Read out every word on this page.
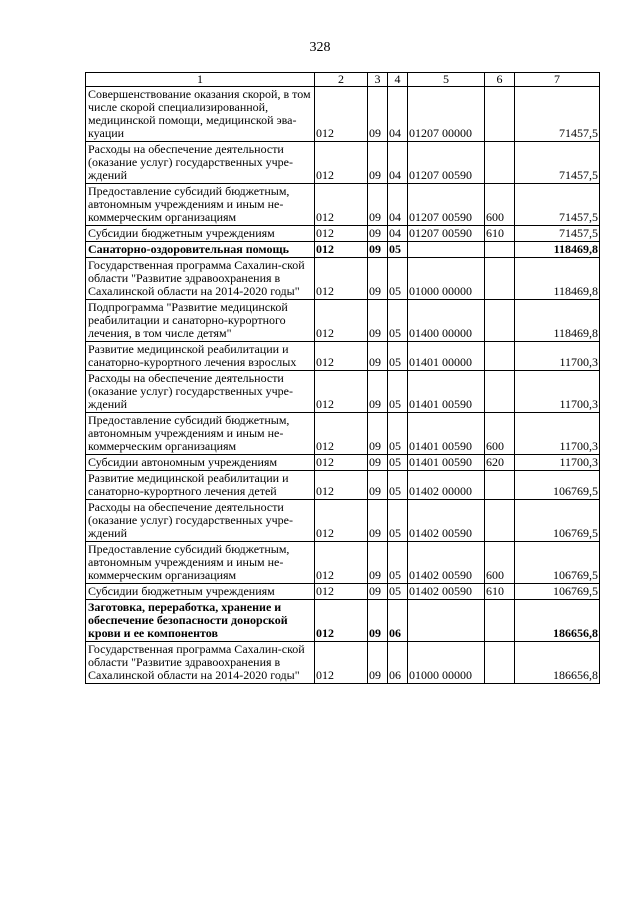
328
1	2	3	4	5	6	7
Совершенствование оказания скорой, в том числе скорой специализированной, медицинской помощи, медицинской эва-куации	012	09	04	01207 00000		71457,5
Расходы на обеспечение деятельности (оказание услуг) государственных учре-ждений	012	09	04	01207 00590		71457,5
Предоставление субсидий бюджетным, автономным учреждениям и иным не-коммерческим организациям	012	09	04	01207 00590	600	71457,5
Субсидии бюджетным учреждениям	012	09	04	01207 00590	610	71457,5
Санаторно-оздоровительная помощь	012	09	05			118469,8
Государственная программа Сахалин-ской области "Развитие здравоохранения в Сахалинской области на 2014-2020 годы"	012	09	05	01000 00000		118469,8
Подпрограмма "Развитие медицинской реабилитации и санаторно-курортного лечения, в том числе детям"	012	09	05	01400 00000		118469,8
Развитие медицинской реабилитации и санаторно-курортного лечения взрослых	012	09	05	01401 00000		11700,3
Расходы на обеспечение деятельности (оказание услуг) государственных учре-ждений	012	09	05	01401 00590		11700,3
Предоставление субсидий бюджетным, автономным учреждениям и иным не-коммерческим организациям	012	09	05	01401 00590	600	11700,3
Субсидии автономным учреждениям	012	09	05	01401 00590	620	11700,3
Развитие медицинской реабилитации и санаторно-курортного лечения детей	012	09	05	01402 00000		106769,5
Расходы на обеспечение деятельности (оказание услуг) государственных учре-ждений	012	09	05	01402 00590		106769,5
Предоставление субсидий бюджетным, автономным учреждениям и иным не-коммерческим организациям	012	09	05	01402 00590	600	106769,5
Субсидии бюджетным учреждениям	012	09	05	01402 00590	610	106769,5
Заготовка, переработка, хранение и обеспечение безопасности донорской крови и ее компонентов	012	09	06			186656,8
Государственная программа Сахалин-ской области "Развитие здравоохранения в Сахалинской области на 2014-2020 годы"	012	09	06	01000 00000		186656,8
